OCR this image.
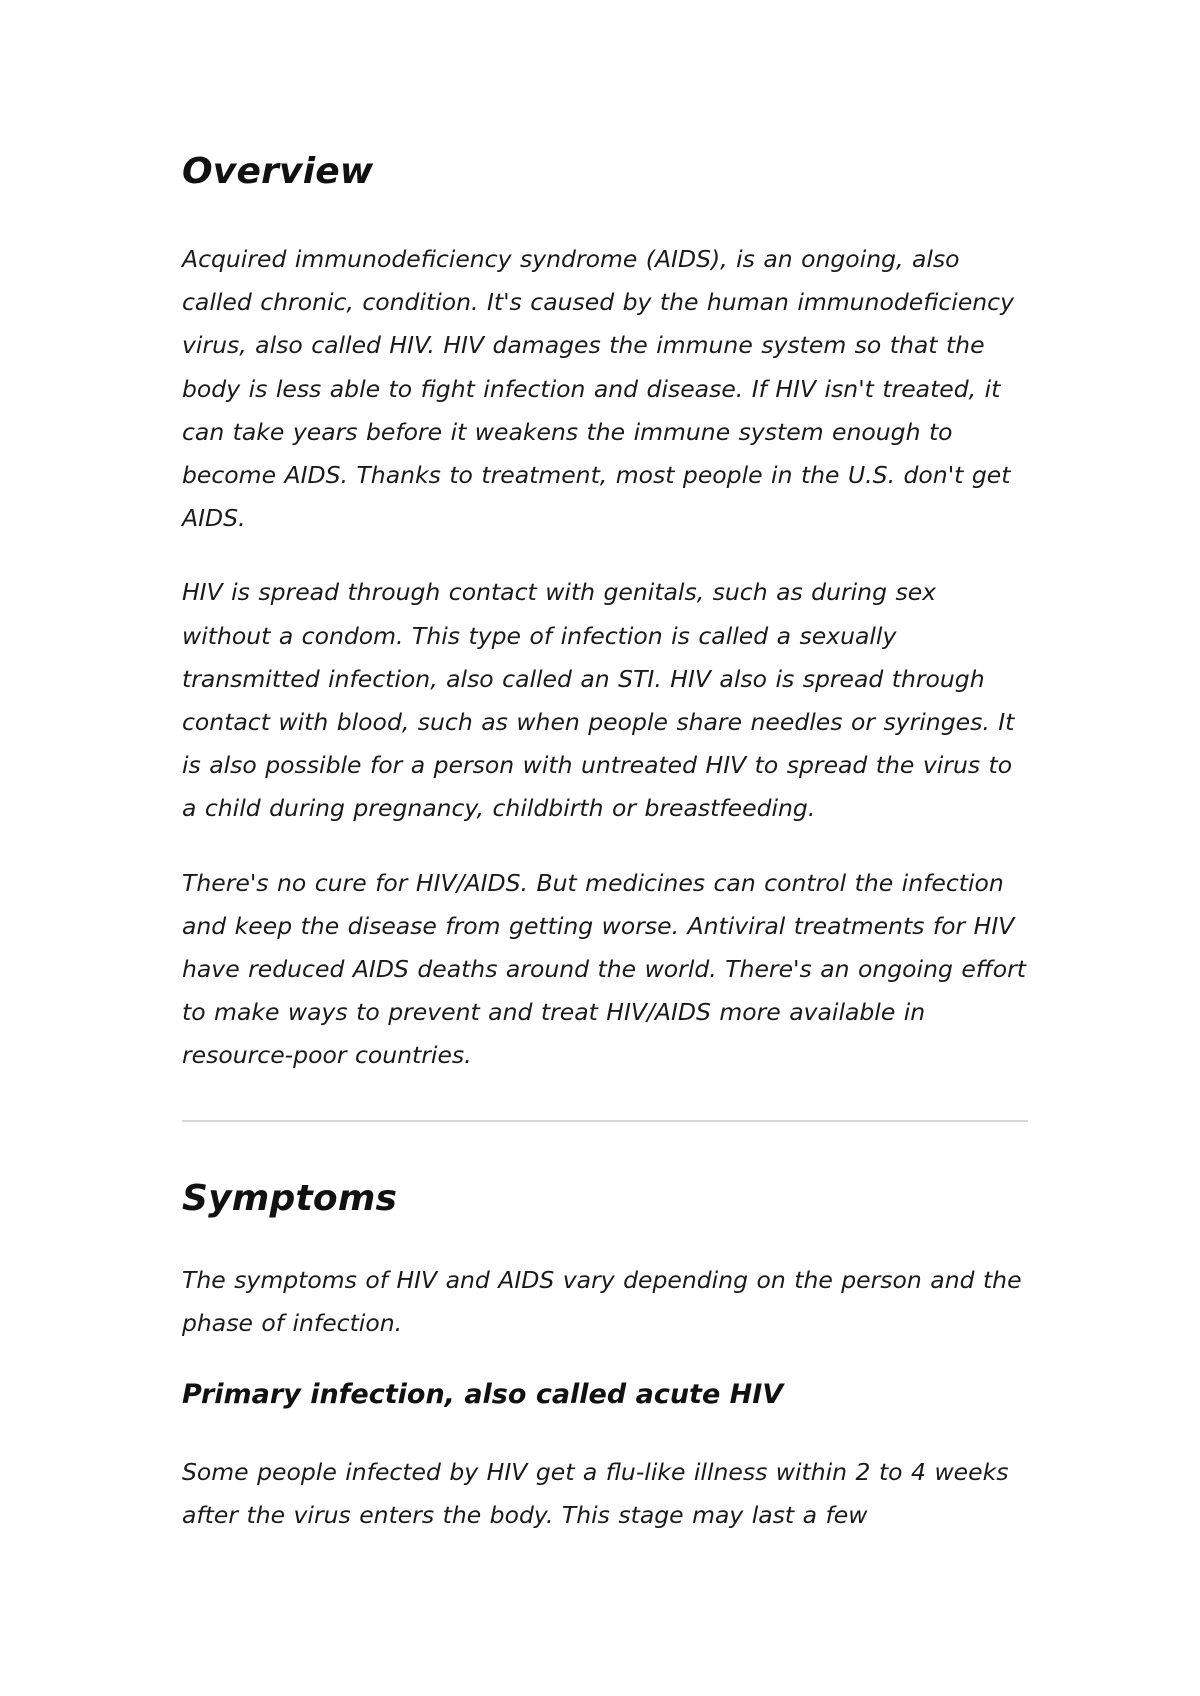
Overview

Acquired immunodeficiency syndrome (AIDS), is an ongoing, also called chronic, condition. It's caused by the human immunodeficiency virus, also called HIV. HIV damages the immune system so that the body is less able to fight infection and disease. If HIV isn't treated, it can take years before it weakens the immune system enough to become AIDS. Thanks to treatment, most people in the U.S. don't get AIDS.

HIV is spread through contact with genitals, such as during sex without a condom. This type of infection is called a sexually transmitted infection, also called an STI. HIV also is spread through contact with blood, such as when people share needles or syringes. It is also possible for a person with untreated HIV to spread the virus to a child during pregnancy, childbirth or breastfeeding.

There's no cure for HIV/AIDS. But medicines can control the infection and keep the disease from getting worse. Antiviral treatments for HIV have reduced AIDS deaths around the world. There's an ongoing effort to make ways to prevent and treat HIV/AIDS more available in resource-poor countries.

Symptoms

The symptoms of HIV and AIDS vary depending on the person and the phase of infection.

Primary infection, also called acute HIV

Some people infected by HIV get a flu-like illness within 2 to 4 weeks after the virus enters the body. This stage may last a few
